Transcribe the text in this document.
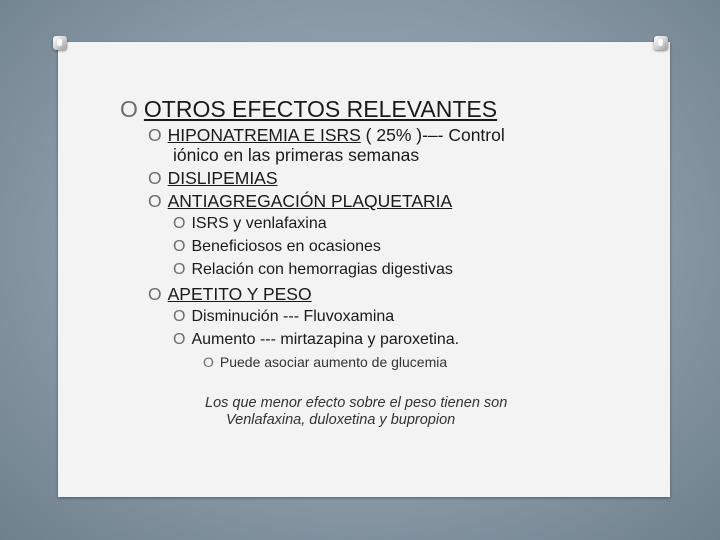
O OTROS EFECTOS RELEVANTES
O HIPONATREMIA E ISRS ( 25% )-–- Control
iónico en las primeras semanas
O DISLIPEMIAS
O ANTIAGREGACIÓN PLAQUETARIA
O ISRS y venlafaxina
O Beneficiosos en ocasiones
O Relación con hemorragias digestivas
O APETITO Y PESO
O Disminución --- Fluvoxamina
O Aumento --- mirtazapina y paroxetina.
O Puede asociar aumento de glucemia
Los que menor efecto sobre el peso tienen son
Venlafaxina, duloxetina y bupropion
